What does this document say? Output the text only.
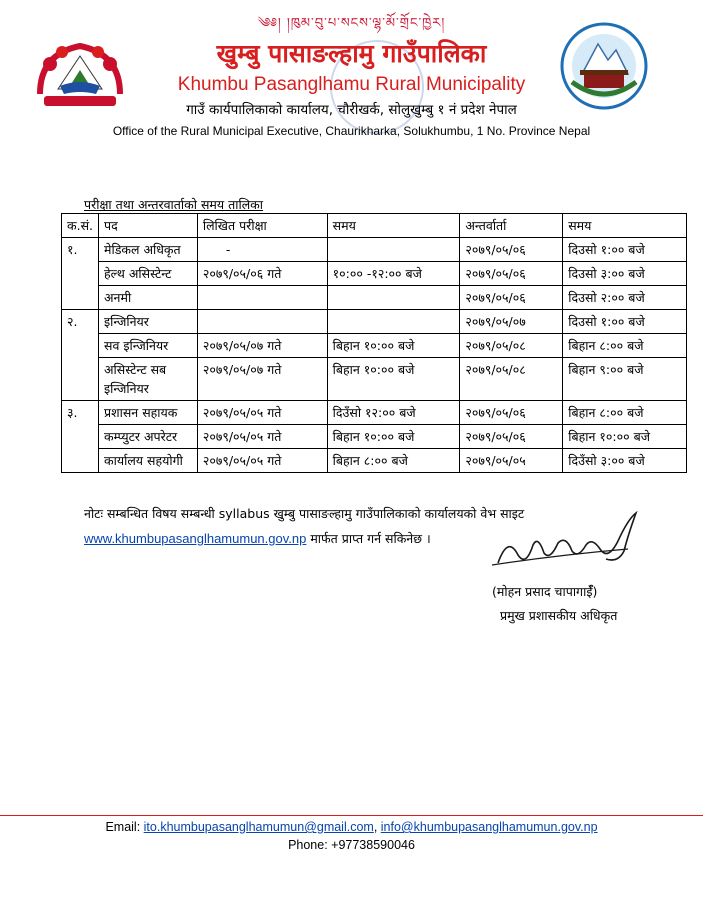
༄༅། །ཁུམ་བུ་པ་སངས་ལྷ་མོ་གྲོང་ཁྱེར།
खुम्बु पासाङल्हामु गाउँपालिका
Khumbu Pasanglhamu Rural Municipality
गाउँ कार्यपालिकाको कार्यालय, चौरीखर्क, सोलुखुम्बु १ नं प्रदेश नेपाल
Office of the Rural Municipal Executive, Chaurikharka, Solukhumbu, 1 No. Province Nepal
परीक्षा तथा अन्तरवार्ताको समय तालिका
क.सं.	पद	लिखित परीक्षा	समय	अन्तर्वार्ता	समय
१.	मेडिकल अधिकृत	-		२०७९/०५/०६	दिउसो १:०० बजे
	हेल्थ असिस्टेन्ट	२०७९/०५/०६ गते	१०:०० -१२:०० बजे	२०७९/०५/०६	दिउसो ३:०० बजे
	अनमी			२०७९/०५/०६	दिउसो २:०० बजे
२.	इन्जिनियर			२०७९/०५/०७	दिउसो १:०० बजे
	सव इन्जिनियर	२०७९/०५/०७ गते	बिहान १०:०० बजे	२०७९/०५/०८	बिहान ८:०० बजे
	असिस्टेन्ट सब इन्जिनियर	२०७९/०५/०७ गते	बिहान १०:०० बजे	२०७९/०५/०८	बिहान ९:०० बजे
३.	प्रशासन सहायक	२०७९/०५/०५ गते	दिउँसो १२:०० बजे	२०७९/०५/०६	बिहान ८:०० बजे
	कम्प्युटर अपरेटर	२०७९/०५/०५ गते	बिहान १०:०० बजे	२०७९/०५/०६	बिहान १०:०० बजे
	कार्यालय सहयोगी	२०७९/०५/०५ गते	बिहान ८:०० बजे	२०७९/०५/०५	दिउँसो ३:०० बजे
नोटः सम्बन्धित विषय सम्बन्धी syllabus खुम्बु पासाङल्हामु गाउँपालिकाको कार्यालयको वेभ साइट
www.khumbupasanglhamumun.gov.np मार्फत प्राप्त गर्न सकिनेछ ।
(मोहन प्रसाद चापागाईँ)
प्रमुख प्रशासकीय अधिकृत
Email: ito.khumbupasanglhamumun@gmail.com, info@khumbupasanglhamumun.gov.np
Phone: +97738590046
